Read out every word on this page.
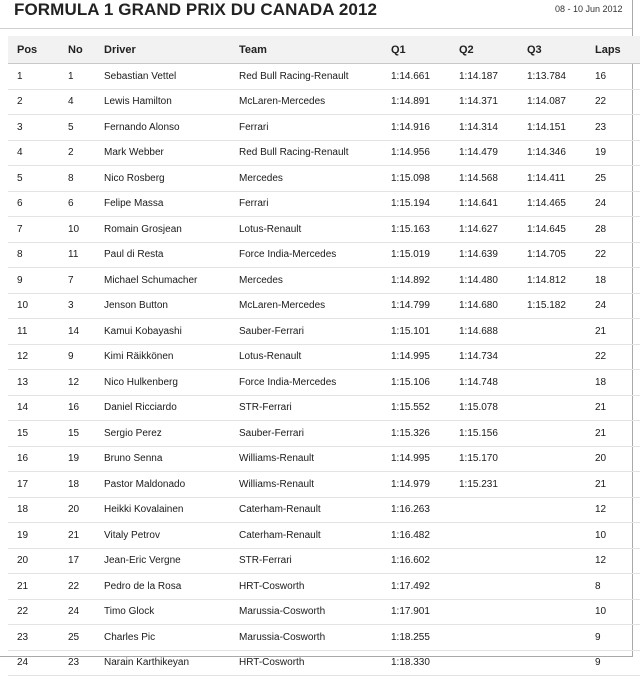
FORMULA 1 GRAND PRIX DU CANADA 2012	08 - 10 Jun 2012
Pos	No	Driver	Team	Q1	Q2	Q3	Laps
1	1	Sebastian Vettel	Red Bull Racing-Renault	1:14.661	1:14.187	1:13.784	16
2	4	Lewis Hamilton	McLaren-Mercedes	1:14.891	1:14.371	1:14.087	22
3	5	Fernando Alonso	Ferrari	1:14.916	1:14.314	1:14.151	23
4	2	Mark Webber	Red Bull Racing-Renault	1:14.956	1:14.479	1:14.346	19
5	8	Nico Rosberg	Mercedes	1:15.098	1:14.568	1:14.411	25
6	6	Felipe Massa	Ferrari	1:15.194	1:14.641	1:14.465	24
7	10	Romain Grosjean	Lotus-Renault	1:15.163	1:14.627	1:14.645	28
8	11	Paul di Resta	Force India-Mercedes	1:15.019	1:14.639	1:14.705	22
9	7	Michael Schumacher	Mercedes	1:14.892	1:14.480	1:14.812	18
10	3	Jenson Button	McLaren-Mercedes	1:14.799	1:14.680	1:15.182	24
11	14	Kamui Kobayashi	Sauber-Ferrari	1:15.101	1:14.688		21
12	9	Kimi Räikkönen	Lotus-Renault	1:14.995	1:14.734		22
13	12	Nico Hulkenberg	Force India-Mercedes	1:15.106	1:14.748		18
14	16	Daniel Ricciardo	STR-Ferrari	1:15.552	1:15.078		21
15	15	Sergio Perez	Sauber-Ferrari	1:15.326	1:15.156		21
16	19	Bruno Senna	Williams-Renault	1:14.995	1:15.170		20
17	18	Pastor Maldonado	Williams-Renault	1:14.979	1:15.231		21
18	20	Heikki Kovalainen	Caterham-Renault	1:16.263			12
19	21	Vitaly Petrov	Caterham-Renault	1:16.482			10
20	17	Jean-Eric Vergne	STR-Ferrari	1:16.602			12
21	22	Pedro de la Rosa	HRT-Cosworth	1:17.492			8
22	24	Timo Glock	Marussia-Cosworth	1:17.901			10
23	25	Charles Pic	Marussia-Cosworth	1:18.255			9
24	23	Narain Karthikeyan	HRT-Cosworth	1:18.330			9
